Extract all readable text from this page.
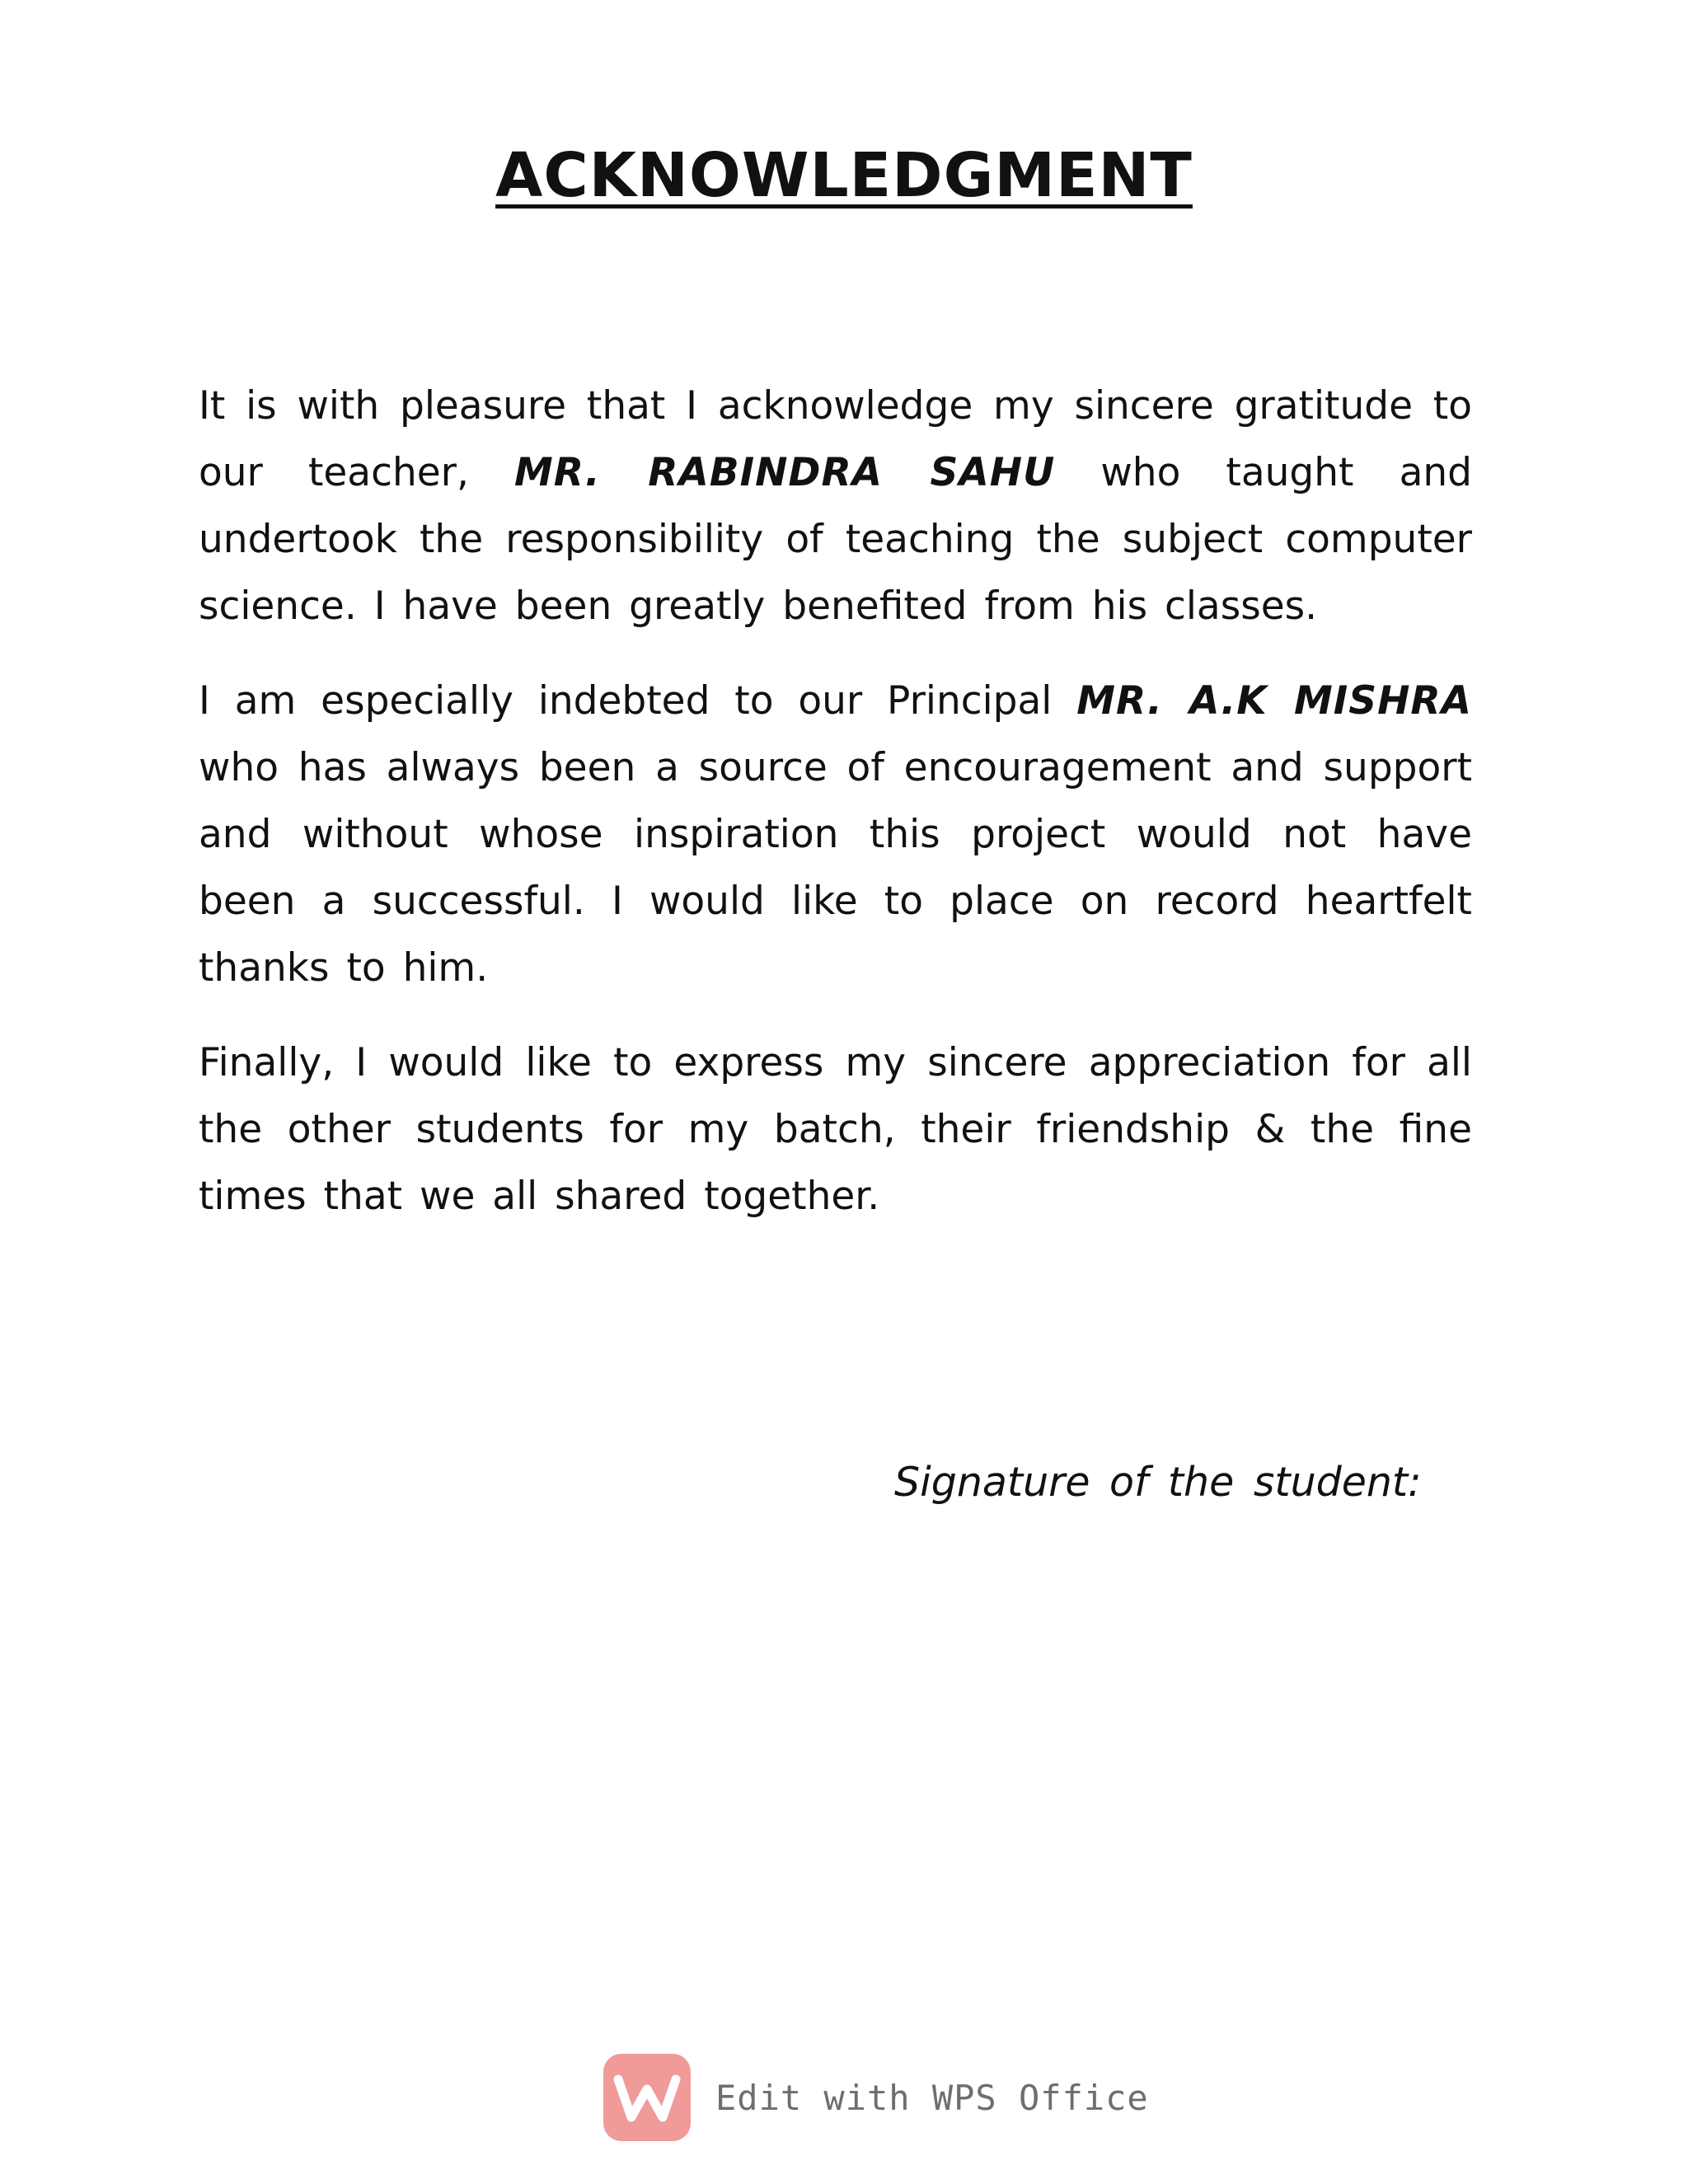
ACKNOWLEDGMENT

It is with pleasure that I acknowledge my sincere gratitude to our teacher, MR. RABINDRA SAHU who taught and undertook the responsibility of teaching the subject computer science. I have been greatly benefited from his classes.

I am especially indebted to our Principal MR. A.K MISHRA who has always been a source of encouragement and support and without whose inspiration this project would not have been a successful. I would like to place on record heartfelt thanks to him.

Finally, I would like to express my sincere appreciation for all the other students for my batch, their friendship & the fine times that we all shared together.

Signature of the student:
Edit with WPS Office
